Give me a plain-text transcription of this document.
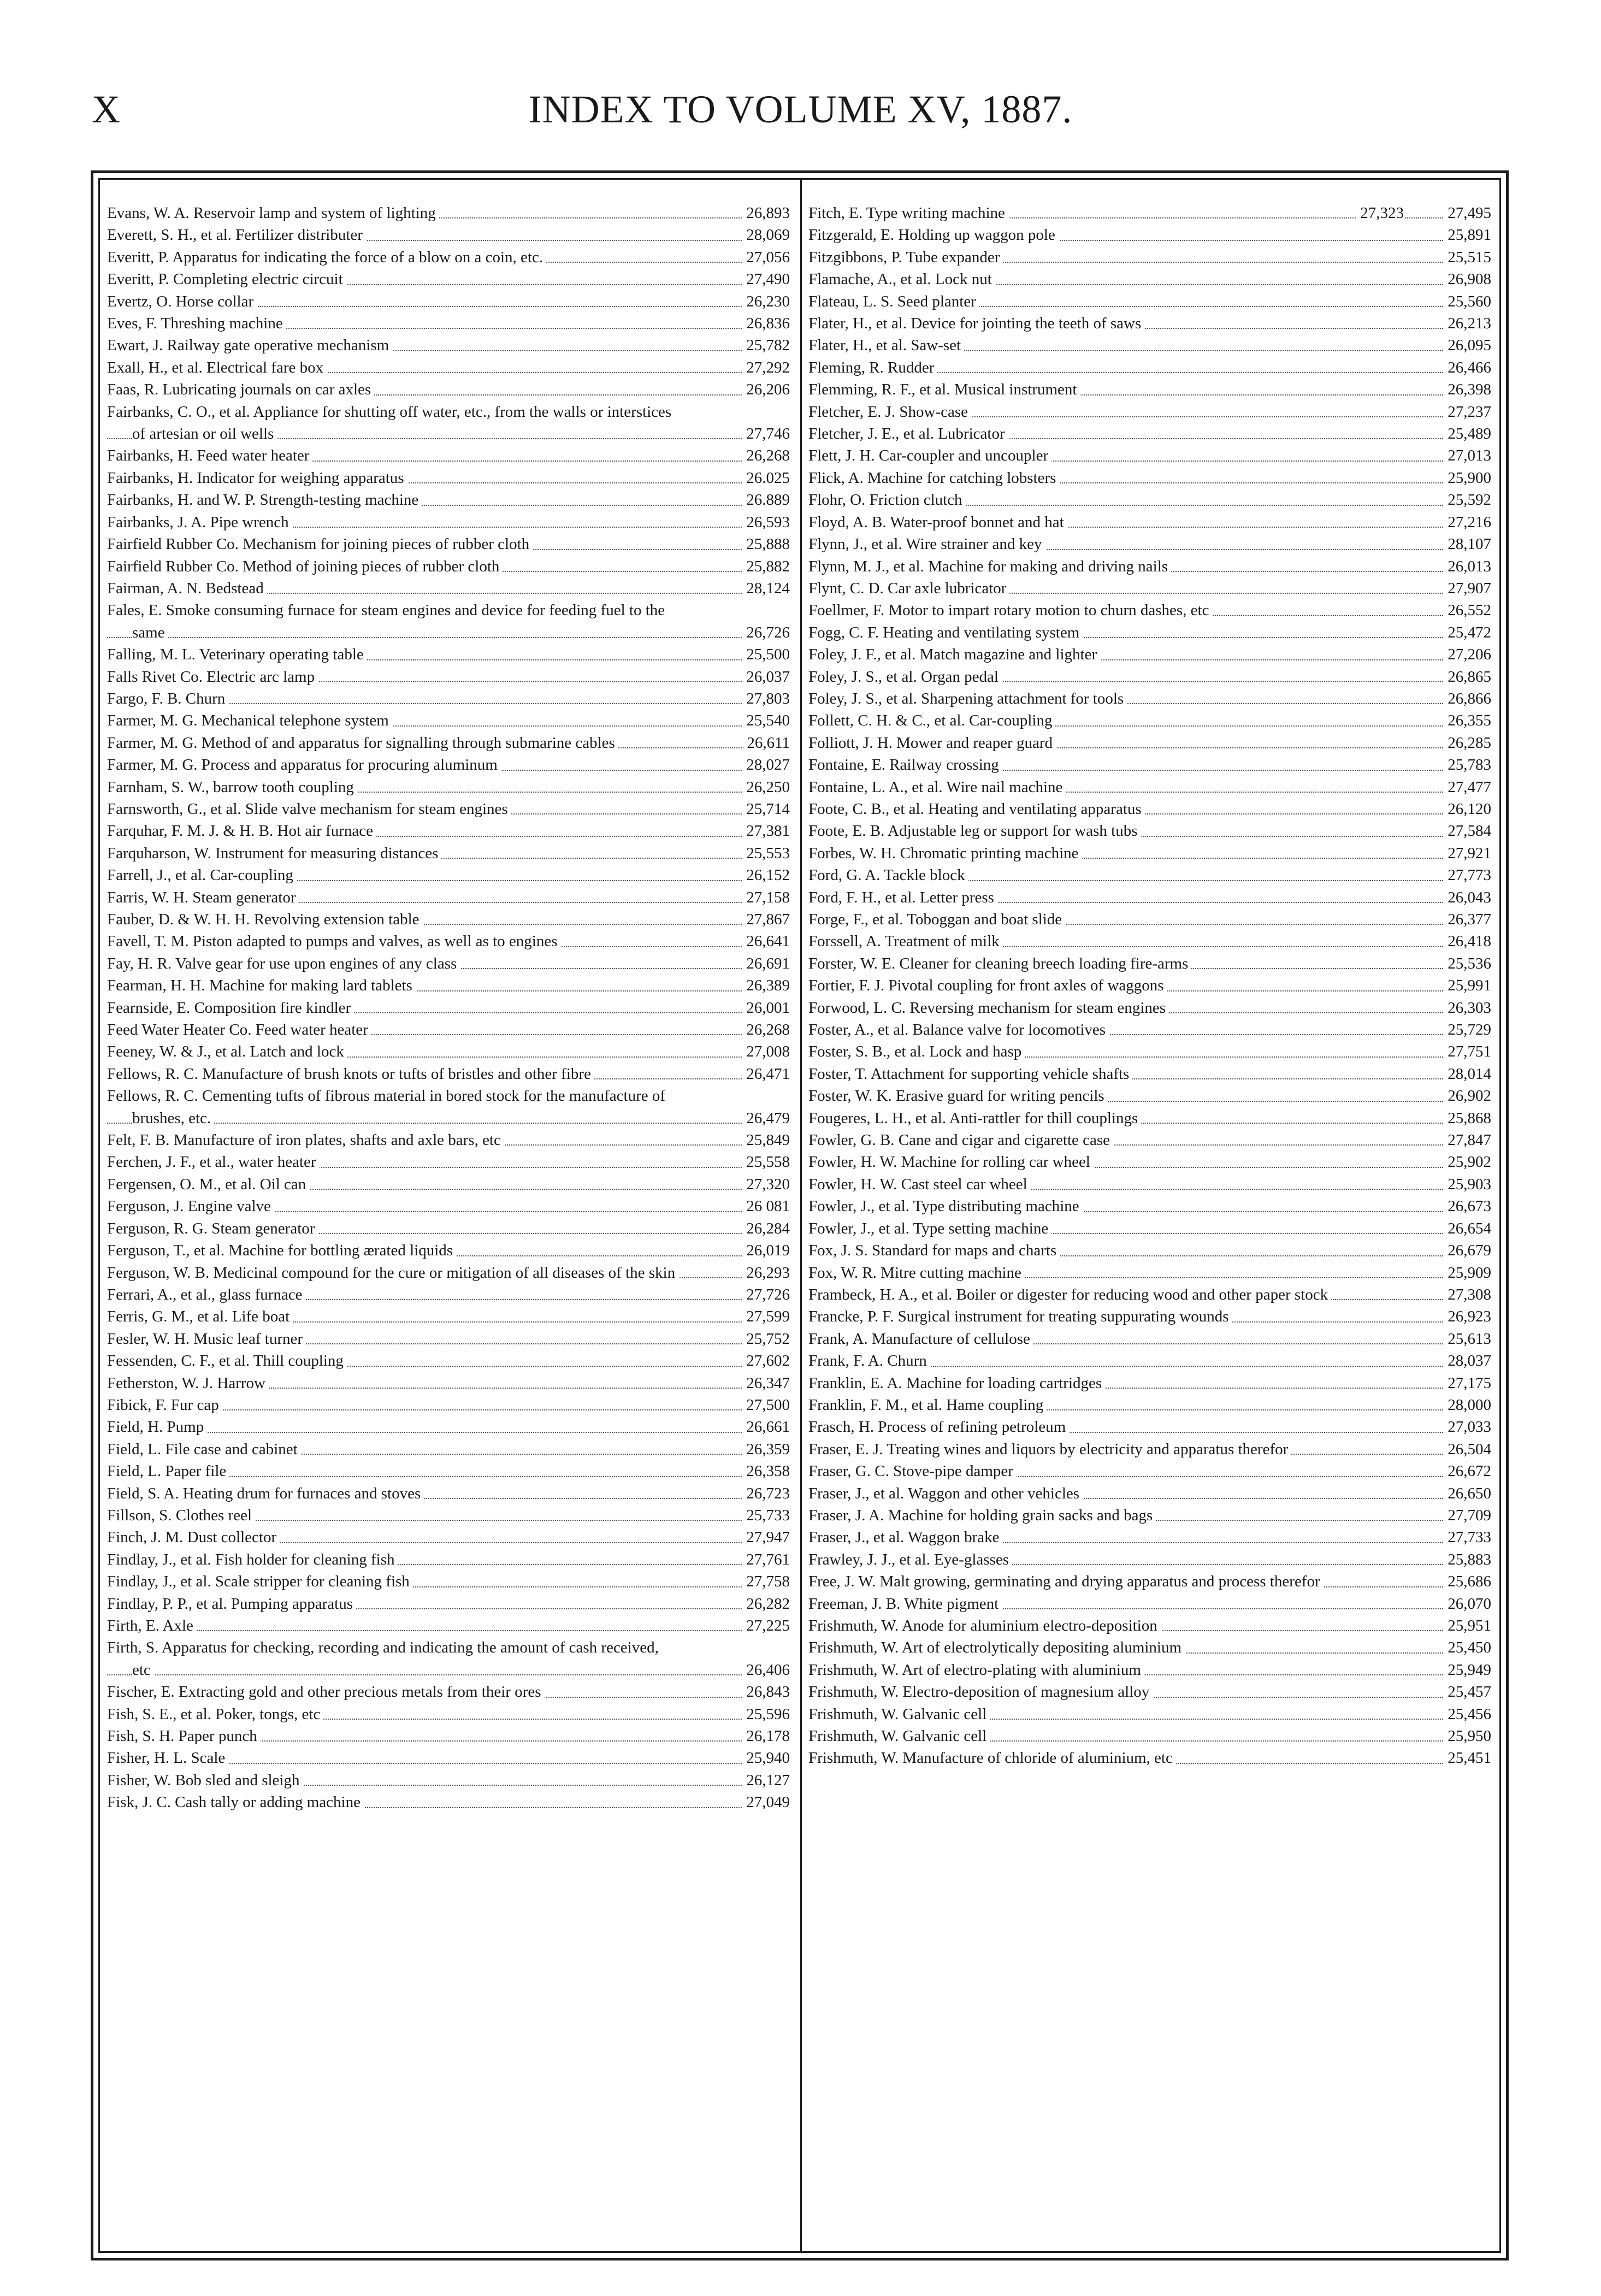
X	INDEX TO VOLUME XV, 1887.
Evans, W. A. Reservoir lamp and system of lighting	26,893
Everett, S. H., et al. Fertilizer distributer	28,069
Everitt, P. Apparatus for indicating the force of a blow on a coin, etc.	27,056
Everitt, P. Completing electric circuit	27,490
Evertz, O. Horse collar	26,230
Eves, F. Threshing machine	26,836
Ewart, J. Railway gate operative mechanism	25,782
Exall, H., et al. Electrical fare box	27,292
Faas, R. Lubricating journals on car axles	26,206
Fairbanks, C. O., et al. Appliance for shutting off water, etc., from the walls or interstices of artesian or oil wells	27,746
Fairbanks, H. Feed water heater	26,268
Fairbanks, H. Indicator for weighing apparatus	26.025
Fairbanks, H. and W. P. Strength-testing machine	26.889
Fairbanks, J. A. Pipe wrench	26,593
Fairfield Rubber Co. Mechanism for joining pieces of rubber cloth	25,888
Fairfield Rubber Co. Method of joining pieces of rubber cloth	25,882
Fairman, A. N. Bedstead	28,124
Fales, E. Smoke consuming furnace for steam engines and device for feeding fuel to the same	26,726
Falling, M. L. Veterinary operating table	25,500
Falls Rivet Co. Electric arc lamp	26,037
Fargo, F. B. Churn	27,803
Farmer, M. G. Mechanical telephone system	25,540
Farmer, M. G. Method of and apparatus for signalling through submarine cables	26,611
Farmer, M. G. Process and apparatus for procuring aluminum	28,027
Farnham, S. W., barrow tooth coupling	26,250
Farnsworth, G., et al. Slide valve mechanism for steam engines	25,714
Farquhar, F. M. J. & H. B. Hot air furnace	27,381
Farquharson, W. Instrument for measuring distances	25,553
Farrell, J., et al. Car-coupling	26,152
Farris, W. H. Steam generator	27,158
Fauber, D. & W. H. H. Revolving extension table	27,867
Favell, T. M. Piston adapted to pumps and valves, as well as to engines	26,641
Fay, H. R. Valve gear for use upon engines of any class	26,691
Fearman, H. H. Machine for making lard tablets	26,389
Fearnside, E. Composition fire kindler	26,001
Feed Water Heater Co. Feed water heater	26,268
Feeney, W. & J., et al. Latch and lock	27,008
Fellows, R. C. Manufacture of brush knots or tufts of bristles and other fibre	26,471
Fellows, R. C. Cementing tufts of fibrous material in bored stock for the manufacture of brushes, etc.	26,479
Felt, F. B. Manufacture of iron plates, shafts and axle bars, etc	25,849
Ferchen, J. F., et al., water heater	25,558
Fergensen, O. M., et al. Oil can	27,320
Ferguson, J. Engine valve	26 081
Ferguson, R. G. Steam generator	26,284
Ferguson, T., et al. Machine for bottling ærated liquids	26,019
Ferguson, W. B. Medicinal compound for the cure or mitigation of all diseases of the skin	26,293
Ferrari, A., et al., glass furnace	27,726
Ferris, G. M., et al. Life boat	27,599
Fesler, W. H. Music leaf turner	25,752
Fessenden, C. F., et al. Thill coupling	27,602
Fetherston, W. J. Harrow	26,347
Fibick, F. Fur cap	27,500
Field, H. Pump	26,661
Field, L. File case and cabinet	26,359
Field, L. Paper file	26,358
Field, S. A. Heating drum for furnaces and stoves	26,723
Fillson, S. Clothes reel	25,733
Finch, J. M. Dust collector	27,947
Findlay, J., et al. Fish holder for cleaning fish	27,761
Findlay, J., et al. Scale stripper for cleaning fish	27,758
Findlay, P. P., et al. Pumping apparatus	26,282
Firth, E. Axle	27,225
Firth, S. Apparatus for checking, recording and indicating the amount of cash received, etc	26,406
Fischer, E. Extracting gold and other precious metals from their ores	26,843
Fish, S. E., et al. Poker, tongs, etc	25,596
Fish, S. H. Paper punch	26,178
Fisher, H. L. Scale	25,940
Fisher, W. Bob sled and sleigh	26,127
Fisk, J. C. Cash tally or adding machine	27,049
Fitch, E. Type writing machine	27,323	27,495
Fitzgerald, E. Holding up waggon pole	25,891
Fitzgibbons, P. Tube expander	25,515
Flamache, A., et al. Lock nut	26,908
Flateau, L. S. Seed planter	25,560
Flater, H., et al. Device for jointing the teeth of saws	26,213
Flater, H., et al. Saw-set	26,095
Fleming, R. Rudder	26,466
Flemming, R. F., et al. Musical instrument	26,398
Fletcher, E. J. Show-case	27,237
Fletcher, J. E., et al. Lubricator	25,489
Flett, J. H. Car-coupler and uncoupler	27,013
Flick, A. Machine for catching lobsters	25,900
Flohr, O. Friction clutch	25,592
Floyd, A. B. Water-proof bonnet and hat	27,216
Flynn, J., et al. Wire strainer and key	28,107
Flynn, M. J., et al. Machine for making and driving nails	26,013
Flynt, C. D. Car axle lubricator	27,907
Foellmer, F. Motor to impart rotary motion to churn dashes, etc	26,552
Fogg, C. F. Heating and ventilating system	25,472
Foley, J. F., et al. Match magazine and lighter	27,206
Foley, J. S., et al. Organ pedal	26,865
Foley, J. S., et al. Sharpening attachment for tools	26,866
Follett, C. H. & C., et al. Car-coupling	26,355
Folliott, J. H. Mower and reaper guard	26,285
Fontaine, E. Railway crossing	25,783
Fontaine, L. A., et al. Wire nail machine	27,477
Foote, C. B., et al. Heating and ventilating apparatus	26,120
Foote, E. B. Adjustable leg or support for wash tubs	27,584
Forbes, W. H. Chromatic printing machine	27,921
Ford, G. A. Tackle block	27,773
Ford, F. H., et al. Letter press	26,043
Forge, F., et al. Toboggan and boat slide	26,377
Forssell, A. Treatment of milk	26,418
Forster, W. E. Cleaner for cleaning breech loading fire-arms	25,536
Fortier, F. J. Pivotal coupling for front axles of waggons	25,991
Forwood, L. C. Reversing mechanism for steam engines	26,303
Foster, A., et al. Balance valve for locomotives	25,729
Foster, S. B., et al. Lock and hasp	27,751
Foster, T. Attachment for supporting vehicle shafts	28,014
Foster, W. K. Erasive guard for writing pencils	26,902
Fougeres, L. H., et al. Anti-rattler for thill couplings	25,868
Fowler, G. B. Cane and cigar and cigarette case	27,847
Fowler, H. W. Machine for rolling car wheel	25,902
Fowler, H. W. Cast steel car wheel	25,903
Fowler, J., et al. Type distributing machine	26,673
Fowler, J., et al. Type setting machine	26,654
Fox, J. S. Standard for maps and charts	26,679
Fox, W. R. Mitre cutting machine	25,909
Frambeck, H. A., et al. Boiler or digester for reducing wood and other paper stock	27,308
Francke, P. F. Surgical instrument for treating suppurating wounds	26,923
Frank, A. Manufacture of cellulose	25,613
Frank, F. A. Churn	28,037
Franklin, E. A. Machine for loading cartridges	27,175
Franklin, F. M., et al. Hame coupling	28,000
Frasch, H. Process of refining petroleum	27,033
Fraser, E. J. Treating wines and liquors by electricity and apparatus therefor	26,504
Fraser, G. C. Stove-pipe damper	26,672
Fraser, J., et al. Waggon and other vehicles	26,650
Fraser, J. A. Machine for holding grain sacks and bags	27,709
Fraser, J., et al. Waggon brake	27,733
Frawley, J. J., et al. Eye-glasses	25,883
Free, J. W. Malt growing, germinating and drying apparatus and process therefor	25,686
Freeman, J. B. White pigment	26,070
Frishmuth, W. Anode for aluminium electro-deposition	25,951
Frishmuth, W. Art of electrolytically depositing aluminium	25,450
Frishmuth, W. Art of electro-plating with aluminium	25,949
Frishmuth, W. Electro-deposition of magnesium alloy	25,457
Frishmuth, W. Galvanic cell	25,456
Frishmuth, W. Galvanic cell	25,950
Frishmuth, W. Manufacture of chloride of aluminium, etc	25,451
